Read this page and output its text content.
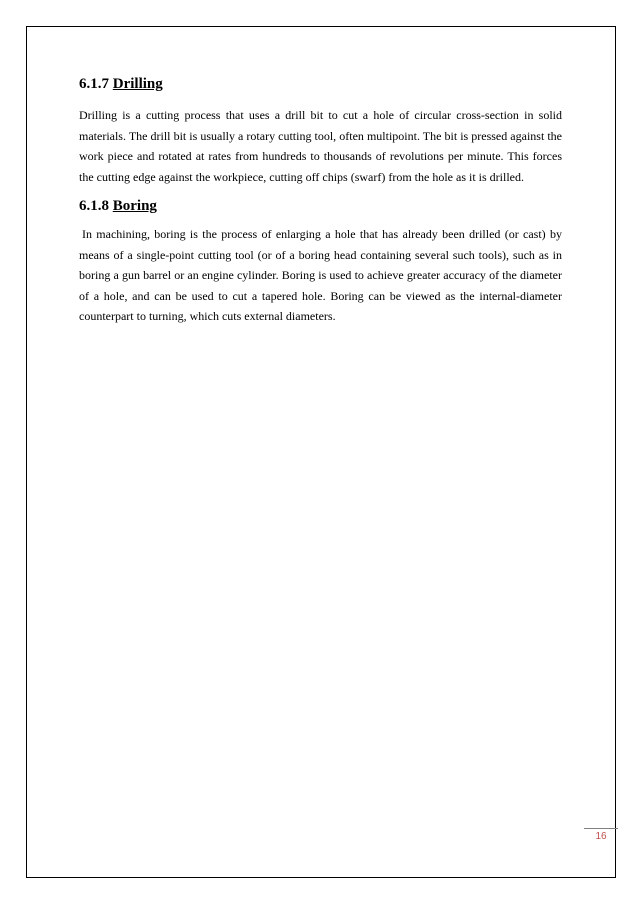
6.1.7 Drilling

Drilling is a cutting process that uses a drill bit to cut a hole of circular cross-section in solid materials. The drill bit is usually a rotary cutting tool, often multipoint. The bit is pressed against the work piece and rotated at rates from hundreds to thousands of revolutions per minute. This forces the cutting edge against the workpiece, cutting off chips (swarf) from the hole as it is drilled.

6.1.8 Boring

In machining, boring is the process of enlarging a hole that has already been drilled (or cast) by means of a single-point cutting tool (or of a boring head containing several such tools), such as in boring a gun barrel or an engine cylinder. Boring is used to achieve greater accuracy of the diameter of a hole, and can be used to cut a tapered hole. Boring can be viewed as the internal-diameter counterpart to turning, which cuts external diameters.

16
